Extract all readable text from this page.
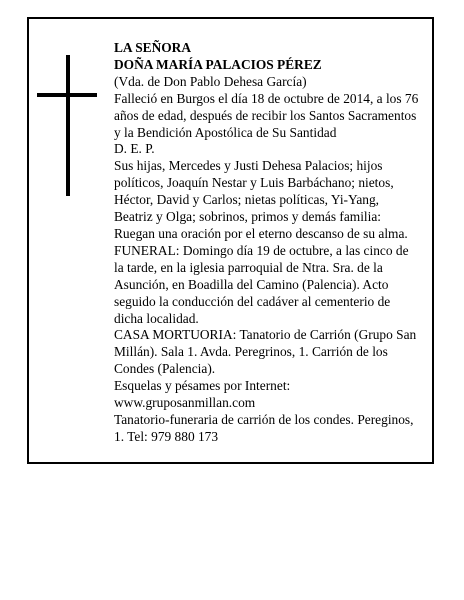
LA SEÑORA

DOÑA MARÍA PALACIOS PÉREZ

(Vda. de Don Pablo Dehesa García)

Falleció en Burgos el día 18 de octubre de 2014, a los 76 años de edad, después de recibir los Santos Sacramentos y la Bendición Apostólica de Su Santidad

D. E. P.

Sus hijas, Mercedes y Justi Dehesa Palacios; hijos políticos, Joaquín Nestar y Luis Barbáchano; nietos, Héctor, David y Carlos; nietas políticas, Yi-Yang, Beatriz y Olga; sobrinos, primos y demás familia:

Ruegan una oración por el eterno descanso de su alma.

FUNERAL: Domingo día 19 de octubre, a las cinco de la tarde, en la iglesia parroquial de Ntra. Sra. de la Asunción, en Boadilla del Camino (Palencia). Acto seguido la conducción del cadáver al cementerio de dicha localidad.

CASA MORTUORIA: Tanatorio de Carrión (Grupo San Millán). Sala 1. Avda. Peregrinos, 1. Carrión de los Condes (Palencia).

Esquelas y pésames por Internet:

www.gruposanmillan.com

Tanatorio-funeraria de carrión de los condes. Pereginos, 1. Tel: 979 880 173
